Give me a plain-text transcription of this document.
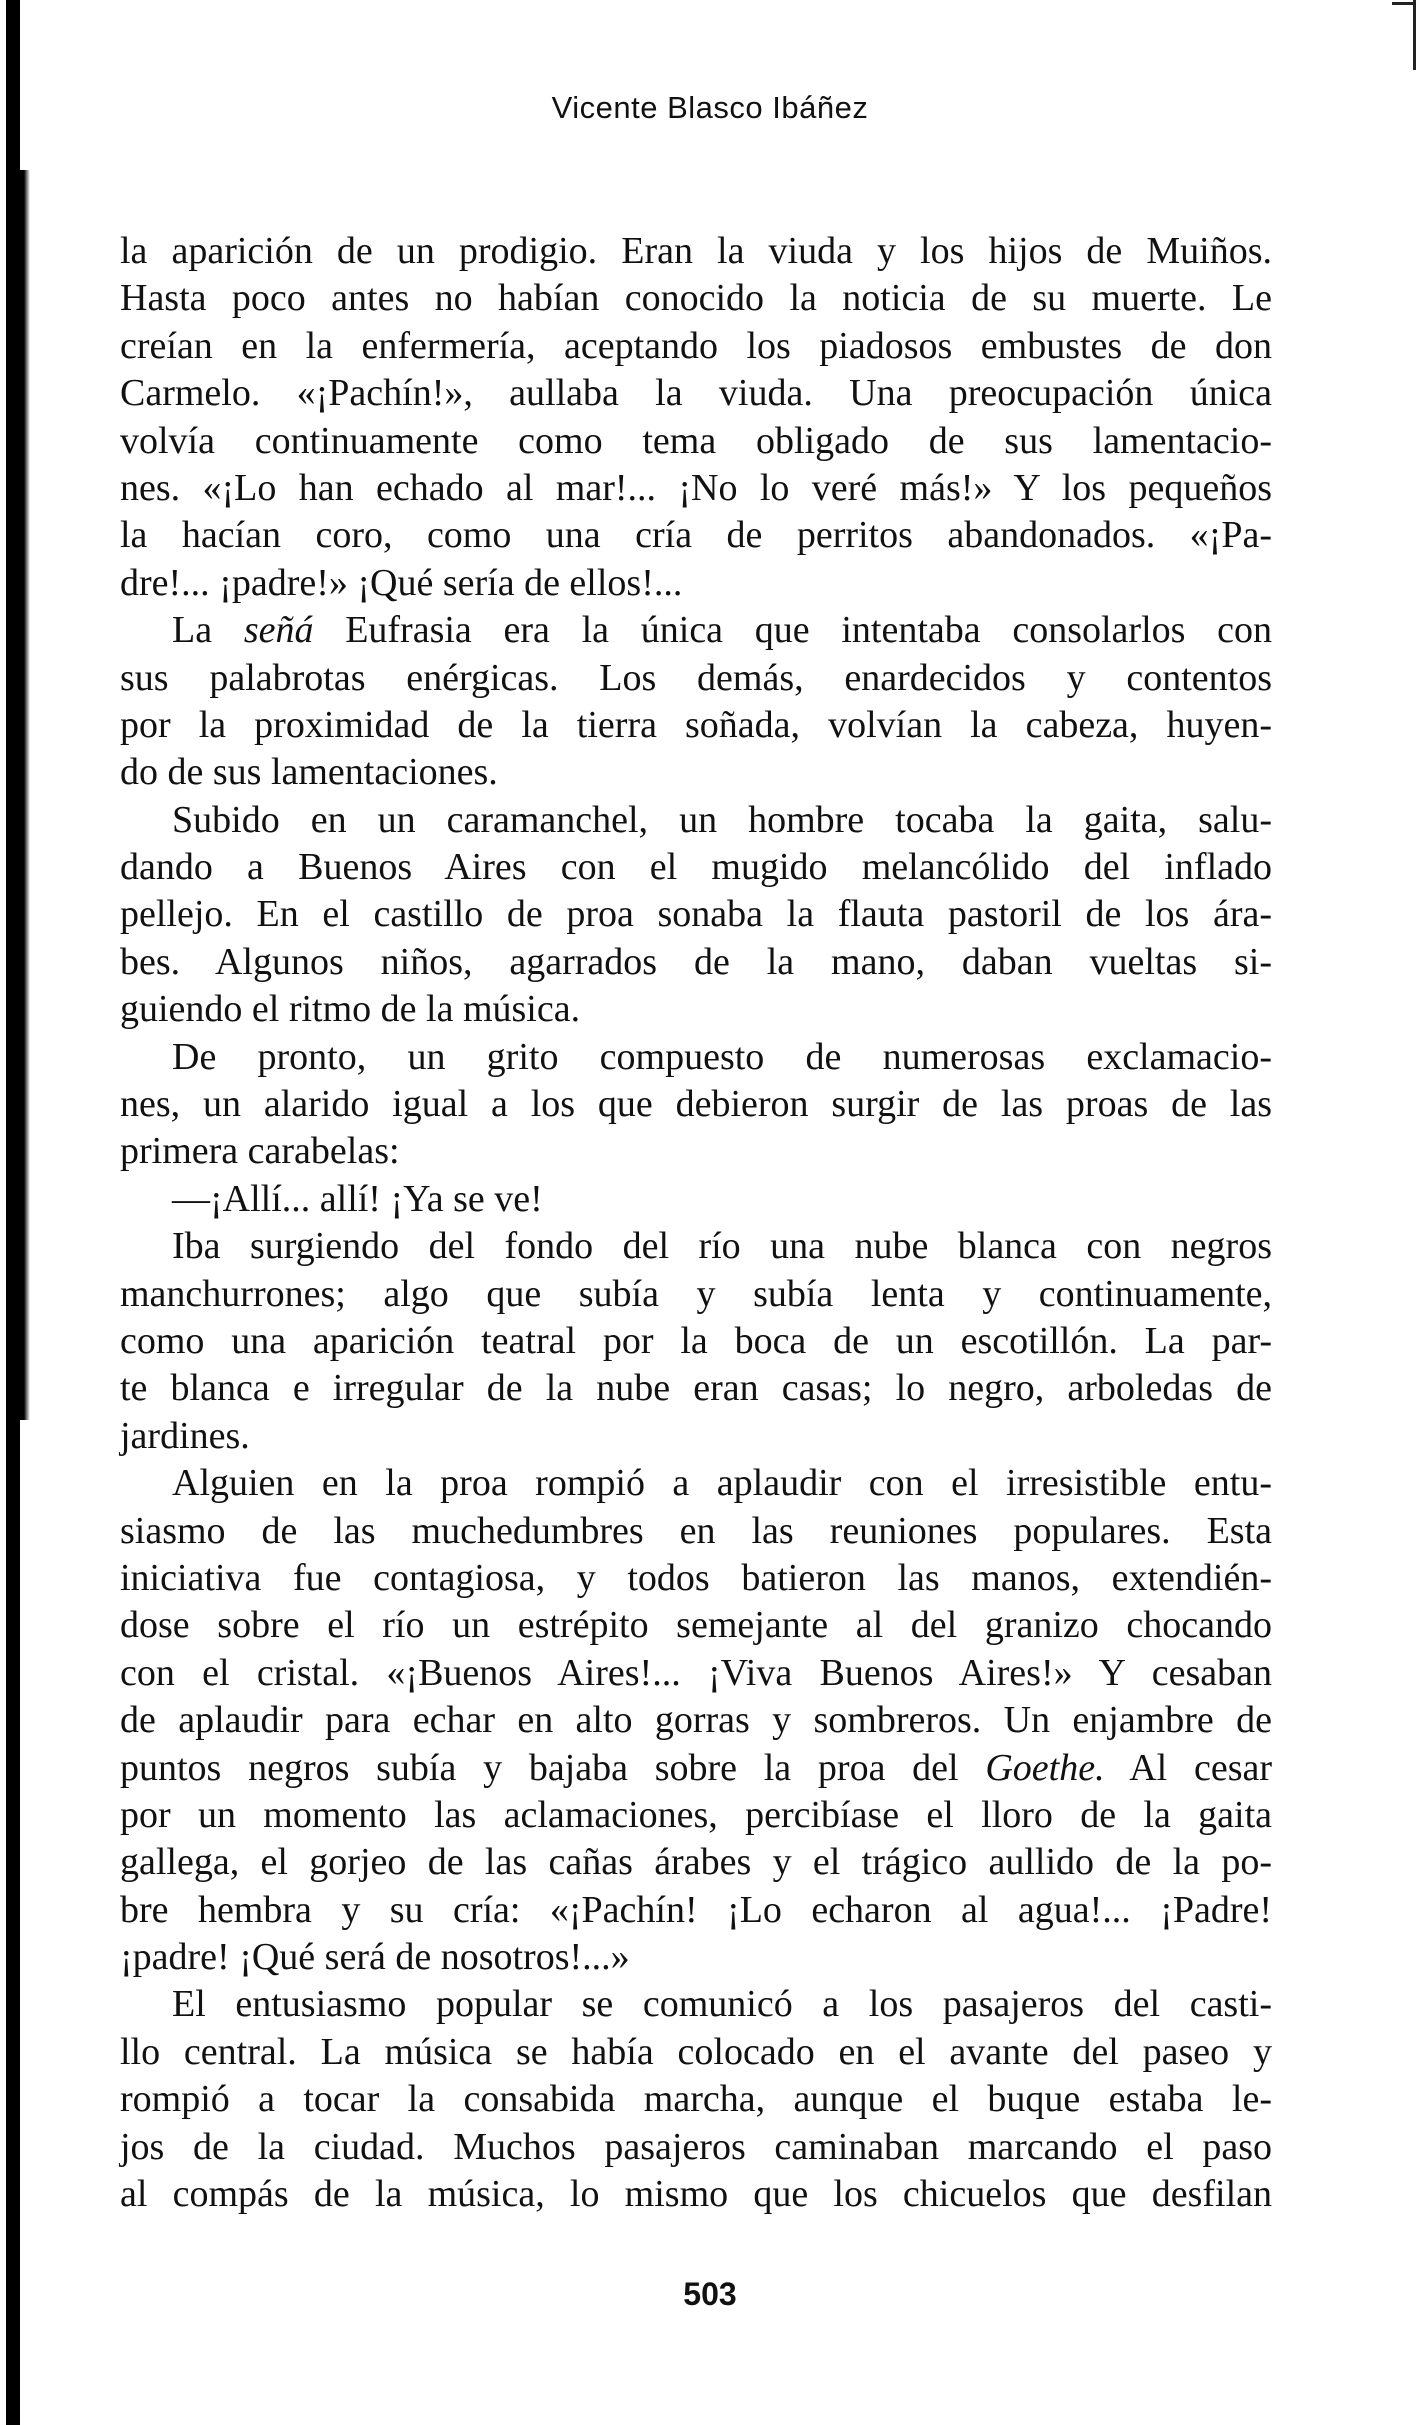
Vicente Blasco Ibáñez
la aparición de un prodigio. Eran la viuda y los hijos de Muiños.
Hasta poco antes no habían conocido la noticia de su muerte. Le
creían en la enfermería, aceptando los piadosos embustes de don
Carmelo. «¡Pachín!», aullaba la viuda. Una preocupación única
volvía continuamente como tema obligado de sus lamentacio-
nes. «¡Lo han echado al mar!... ¡No lo veré más!» Y los pequeños
la hacían coro, como una cría de perritos abandonados. «¡Pa-
dre!... ¡padre!» ¡Qué sería de ellos!...
La señá Eufrasia era la única que intentaba consolarlos con
sus palabrotas enérgicas. Los demás, enardecidos y contentos
por la proximidad de la tierra soñada, volvían la cabeza, huyen-
do de sus lamentaciones.
Subido en un caramanchel, un hombre tocaba la gaita, salu-
dando a Buenos Aires con el mugido melancólido del inflado
pellejo. En el castillo de proa sonaba la flauta pastoril de los ára-
bes. Algunos niños, agarrados de la mano, daban vueltas si-
guiendo el ritmo de la música.
De pronto, un grito compuesto de numerosas exclamacio-
nes, un alarido igual a los que debieron surgir de las proas de las
primera carabelas:
—¡Allí... allí! ¡Ya se ve!
Iba surgiendo del fondo del río una nube blanca con negros
manchurrones; algo que subía y subía lenta y continuamente,
como una aparición teatral por la boca de un escotillón. La par-
te blanca e irregular de la nube eran casas; lo negro, arboledas de
jardines.
Alguien en la proa rompió a aplaudir con el irresistible entu-
siasmo de las muchedumbres en las reuniones populares. Esta
iniciativa fue contagiosa, y todos batieron las manos, extendién-
dose sobre el río un estrépito semejante al del granizo chocando
con el cristal. «¡Buenos Aires!... ¡Viva Buenos Aires!» Y cesaban
de aplaudir para echar en alto gorras y sombreros. Un enjambre de
puntos negros subía y bajaba sobre la proa del Goethe. Al cesar
por un momento las aclamaciones, percibíase el lloro de la gaita
gallega, el gorjeo de las cañas árabes y el trágico aullido de la po-
bre hembra y su cría: «¡Pachín! ¡Lo echaron al agua!... ¡Padre!
¡padre! ¡Qué será de nosotros!...»
El entusiasmo popular se comunicó a los pasajeros del casti-
llo central. La música se había colocado en el avante del paseo y
rompió a tocar la consabida marcha, aunque el buque estaba le-
jos de la ciudad. Muchos pasajeros caminaban marcando el paso
al compás de la música, lo mismo que los chicuelos que desfilan
503
